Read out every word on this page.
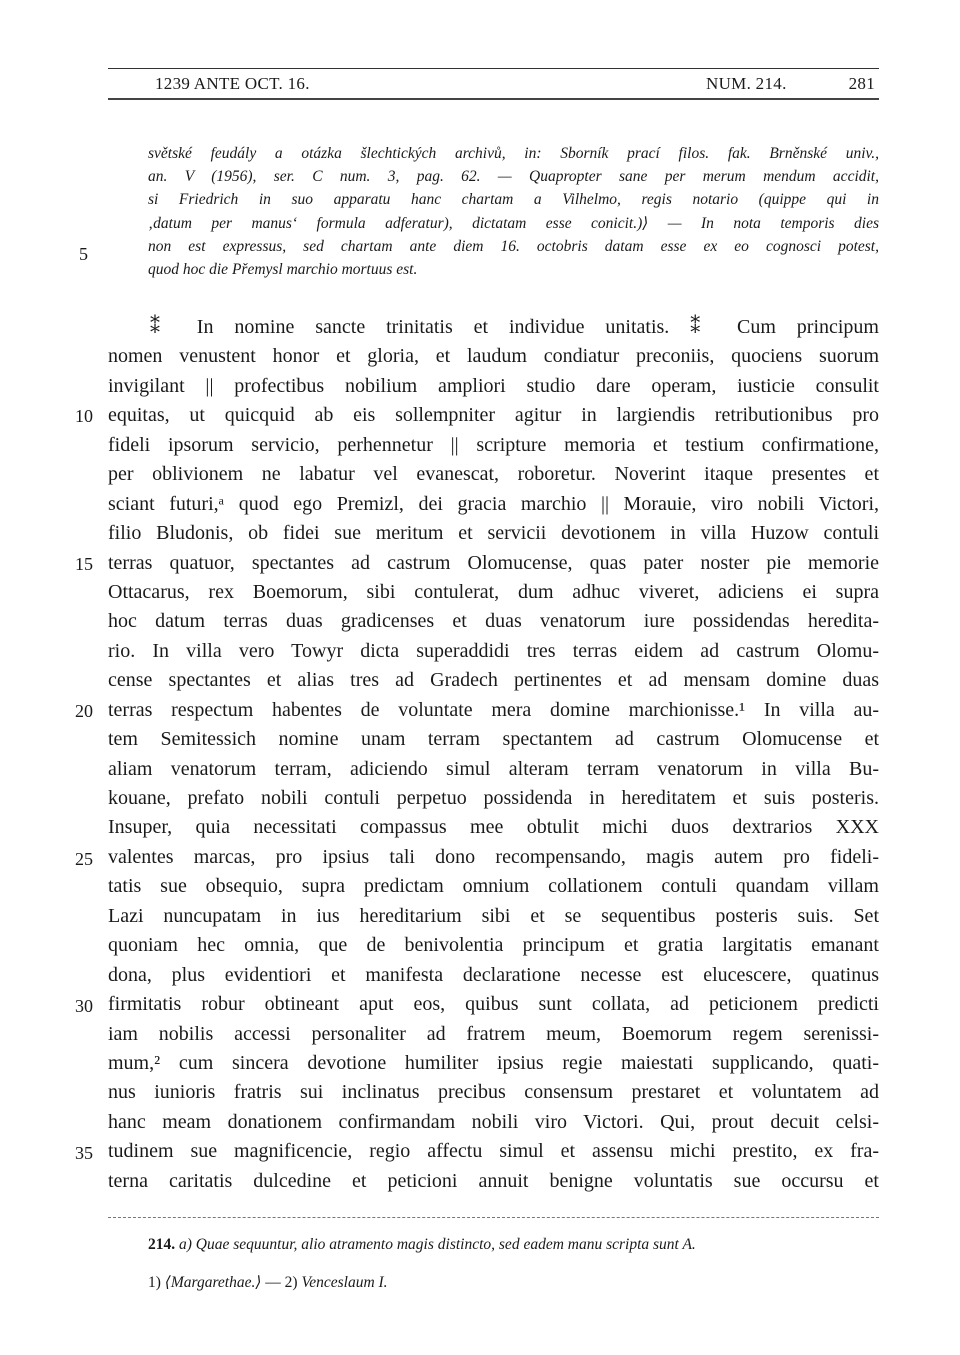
1239 ANTE OCT. 16.	NUM. 214.	281
světské feudály a otázka šlechtických archivů, in: Sborník prací filos. fak. Brněnské univ.,
an. V (1956), ser. C num. 3, pag. 62. — Quapropter sane per merum mendum accidit,
si Friedrich in suo apparatu hanc chartam a Vilhelmo, regis notario (quippe qui in
‚datum per manus‘ formula adferatur), dictatam esse conicit.)⟩ — In nota temporis dies
non est expressus, sed chartam ante diem 16. octobris datam esse ex eo cognosci potest,
quod hoc die Přemysl marchio mortuus est.
5
10
15
20
25
30
35
⁑ In nomine sancte trinitatis et individue unitatis. ⁑ Cum principum
nomen venustent honor et gloria, et laudum condiatur preconiis, quociens suorum
invigilant || profectibus nobilium ampliori studio dare operam, iusticie consulit
equitas, ut quicquid ab eis sollempniter agitur in largiendis retributionibus pro
fideli ipsorum servicio, perhennetur || scripture memoria et testium confirmatione,
per oblivionem ne labatur vel evanescat, roboretur. Noverint itaque presentes et
sciant futuri,ᵃ quod ego Premizl, dei gracia marchio || Morauie, viro nobili Victori,
filio Bludonis, ob fidei sue meritum et servicii devotionem in villa Huzow contuli
terras quatuor, spectantes ad castrum Olomucense, quas pater noster pie memorie
Ottacarus, rex Boemorum, sibi contulerat, dum adhuc viveret, adiciens ei supra
hoc datum terras duas gradicenses et duas venatorum iure possidendas heredita-
rio. In villa vero Towyr dicta superaddidi tres terras eidem ad castrum Olomu-
cense spectantes et alias tres ad Gradech pertinentes et ad mensam domine duas
terras respectum habentes de voluntate mera domine marchionisse.¹ In villa au-
tem Semitessich nomine unam terram spectantem ad castrum Olomucense et
aliam venatorum terram, adiciendo simul alteram terram venatorum in villa Bu-
kouane, prefato nobili contuli perpetuo possidenda in hereditatem et suis posteris.
Insuper, quia necessitati compassus mee obtulit michi duos dextrarios XXX
valentes marcas, pro ipsius tali dono recompensando, magis autem pro fideli-
tatis sue obsequio, supra predictam omnium collationem contuli quandam villam
Lazi nuncupatam in ius hereditarium sibi et se sequentibus posteris suis. Set
quoniam hec omnia, que de benivolentia principum et gratia largitatis emanant
dona, plus evidentiori et manifesta declaratione necesse est elucescere, quatinus
firmitatis robur obtineant aput eos, quibus sunt collata, ad peticionem predicti
iam nobilis accessi personaliter ad fratrem meum, Boemorum regem serenissi-
mum,² cum sincera devotione humiliter ipsius regie maiestati supplicando, quati-
nus iunioris fratris sui inclinatus precibus consensum prestaret et voluntatem ad
hanc meam donationem confirmandam nobili viro Victori. Qui, prout decuit celsi-
tudinem sue magnificencie, regio affectu simul et assensu michi prestito, ex fra-
terna caritatis dulcedine et peticioni annuit benigne voluntatis sue occursu et
214. a) Quae sequuntur, alio atramento magis distincto, sed eadem manu scripta sunt A.
1) ⟨Margarethae.⟩ — 2) Venceslaum I.
